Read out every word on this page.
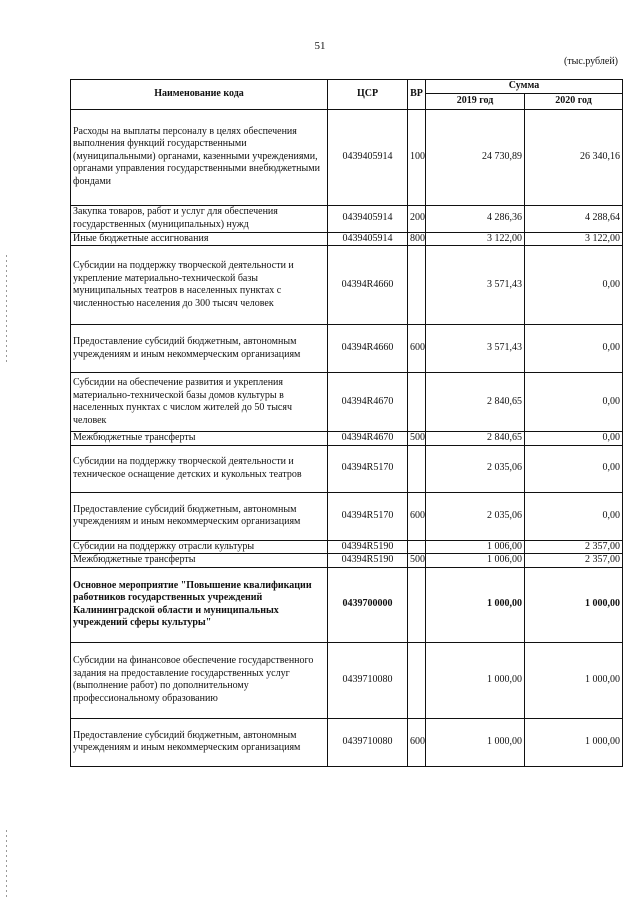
51
(тыс.рублей)
Наименование кода	ЦСР	ВР	Сумма	
			2019 год	2020 год
Расходы на выплаты персоналу в целях обеспечения выполнения функций государственными (муниципальными) органами, казенными учреждениями, органами управления государственными внебюджетными фондами	0439405914	100	24 730,89	26 340,16
Закупка товаров, работ и услуг для обеспечения государственных (муниципальных) нужд	0439405914	200	4 286,36	4 288,64
Иные бюджетные ассигнования	0439405914	800	3 122,00	3 122,00
Субсидии на поддержку творческой деятельности и укрепление материально-технической базы муниципальных театров в населенных пунктах с численностью населения до 300 тысяч человек	04394R4660		3 571,43	0,00
Предоставление субсидий бюджетным, автономным учреждениям и иным некоммерческим организациям	04394R4660	600	3 571,43	0,00
Субсидии на обеспечение развития и укрепления материально-технической базы домов культуры в населенных пунктах с числом жителей до 50 тысяч человек	04394R4670		2 840,65	0,00
Межбюджетные трансферты	04394R4670	500	2 840,65	0,00
Субсидии на поддержку творческой деятельности и техническое оснащение детских и кукольных театров	04394R5170		2 035,06	0,00
Предоставление субсидий бюджетным, автономным учреждениям и иным некоммерческим организациям	04394R5170	600	2 035,06	0,00
Субсидии на поддержку отрасли культуры	04394R5190		1 006,00	2 357,00
Межбюджетные трансферты	04394R5190	500	1 006,00	2 357,00
Основное мероприятие "Повышение квалификации работников государственных учреждений Калининградской области и муниципальных учреждений сферы культуры"	0439700000		1 000,00	1 000,00
Субсидии на финансовое обеспечение государственного задания на предоставление государственных услуг (выполнение работ) по дополнительному профессиональному образованию	0439710080		1 000,00	1 000,00
Предоставление субсидий бюджетным, автономным учреждениям и иным некоммерческим организациям	0439710080	600	1 000,00	1 000,00
